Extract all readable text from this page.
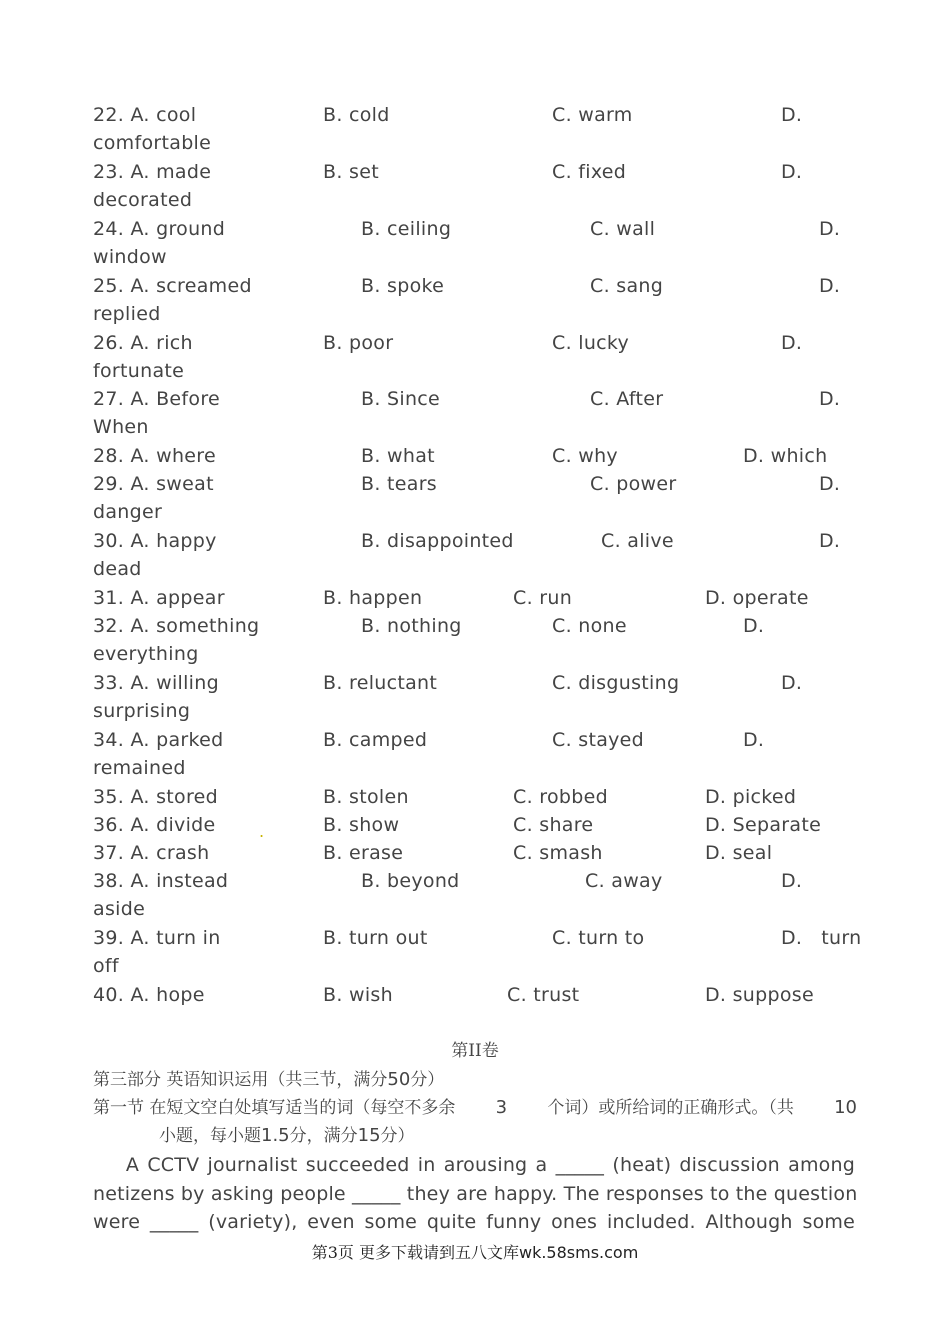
22. A. cool	B. cold	C. warm	D.
comfortable
23. A. made	B. set	C. fixed	D.
decorated
24. A. ground	B. ceiling	C. wall	D.
window
25. A. screamed	B. spoke	C. sang	D.
replied
26. A. rich	B. poor	C. lucky	D.
fortunate
27. A. Before	B. Since	C. After	D.
When
28. A. where	B. what	C. why	D. which
29. A. sweat	B. tears	C. power	D.
danger
30. A. happy	B. disappointed	C. alive	D.
dead
31. A. appear	B. happen	C. run	D. operate
32. A. something	B. nothing	C. none	D.
everything
33. A. willing	B. reluctant	C. disgusting	D.
surprising
34. A. parked	B. camped	C. stayed	D.
remained
35. A. stored	B. stolen	C. robbed	D. picked
36. A. divide	B. show	C. share	D. Separate
37. A. crash	B. erase	C. smash	D. seal
38. A. instead	B. beyond	C. away	D.
aside
39. A. turn in	B. turn out	C. turn to	D.   turn
off
40. A. hope	B. wish	C. trust	D. suppose
.
第II卷
第三部分 英语知识运用（共三节，满分50分）
第一节 在短文空白处填写适当的词（每空不多余 3 个词）或所给词的正确形式。（共 10
小题，每小题1.5分，满分15分）
A CCTV journalist succeeded in arousing a _____ (heat) discussion among
netizens by asking people _____ they are happy. The responses to the question
were _____ (variety), even some quite funny ones included. Although some
第3页 更多下载请到五八文库wk.58sms.com
